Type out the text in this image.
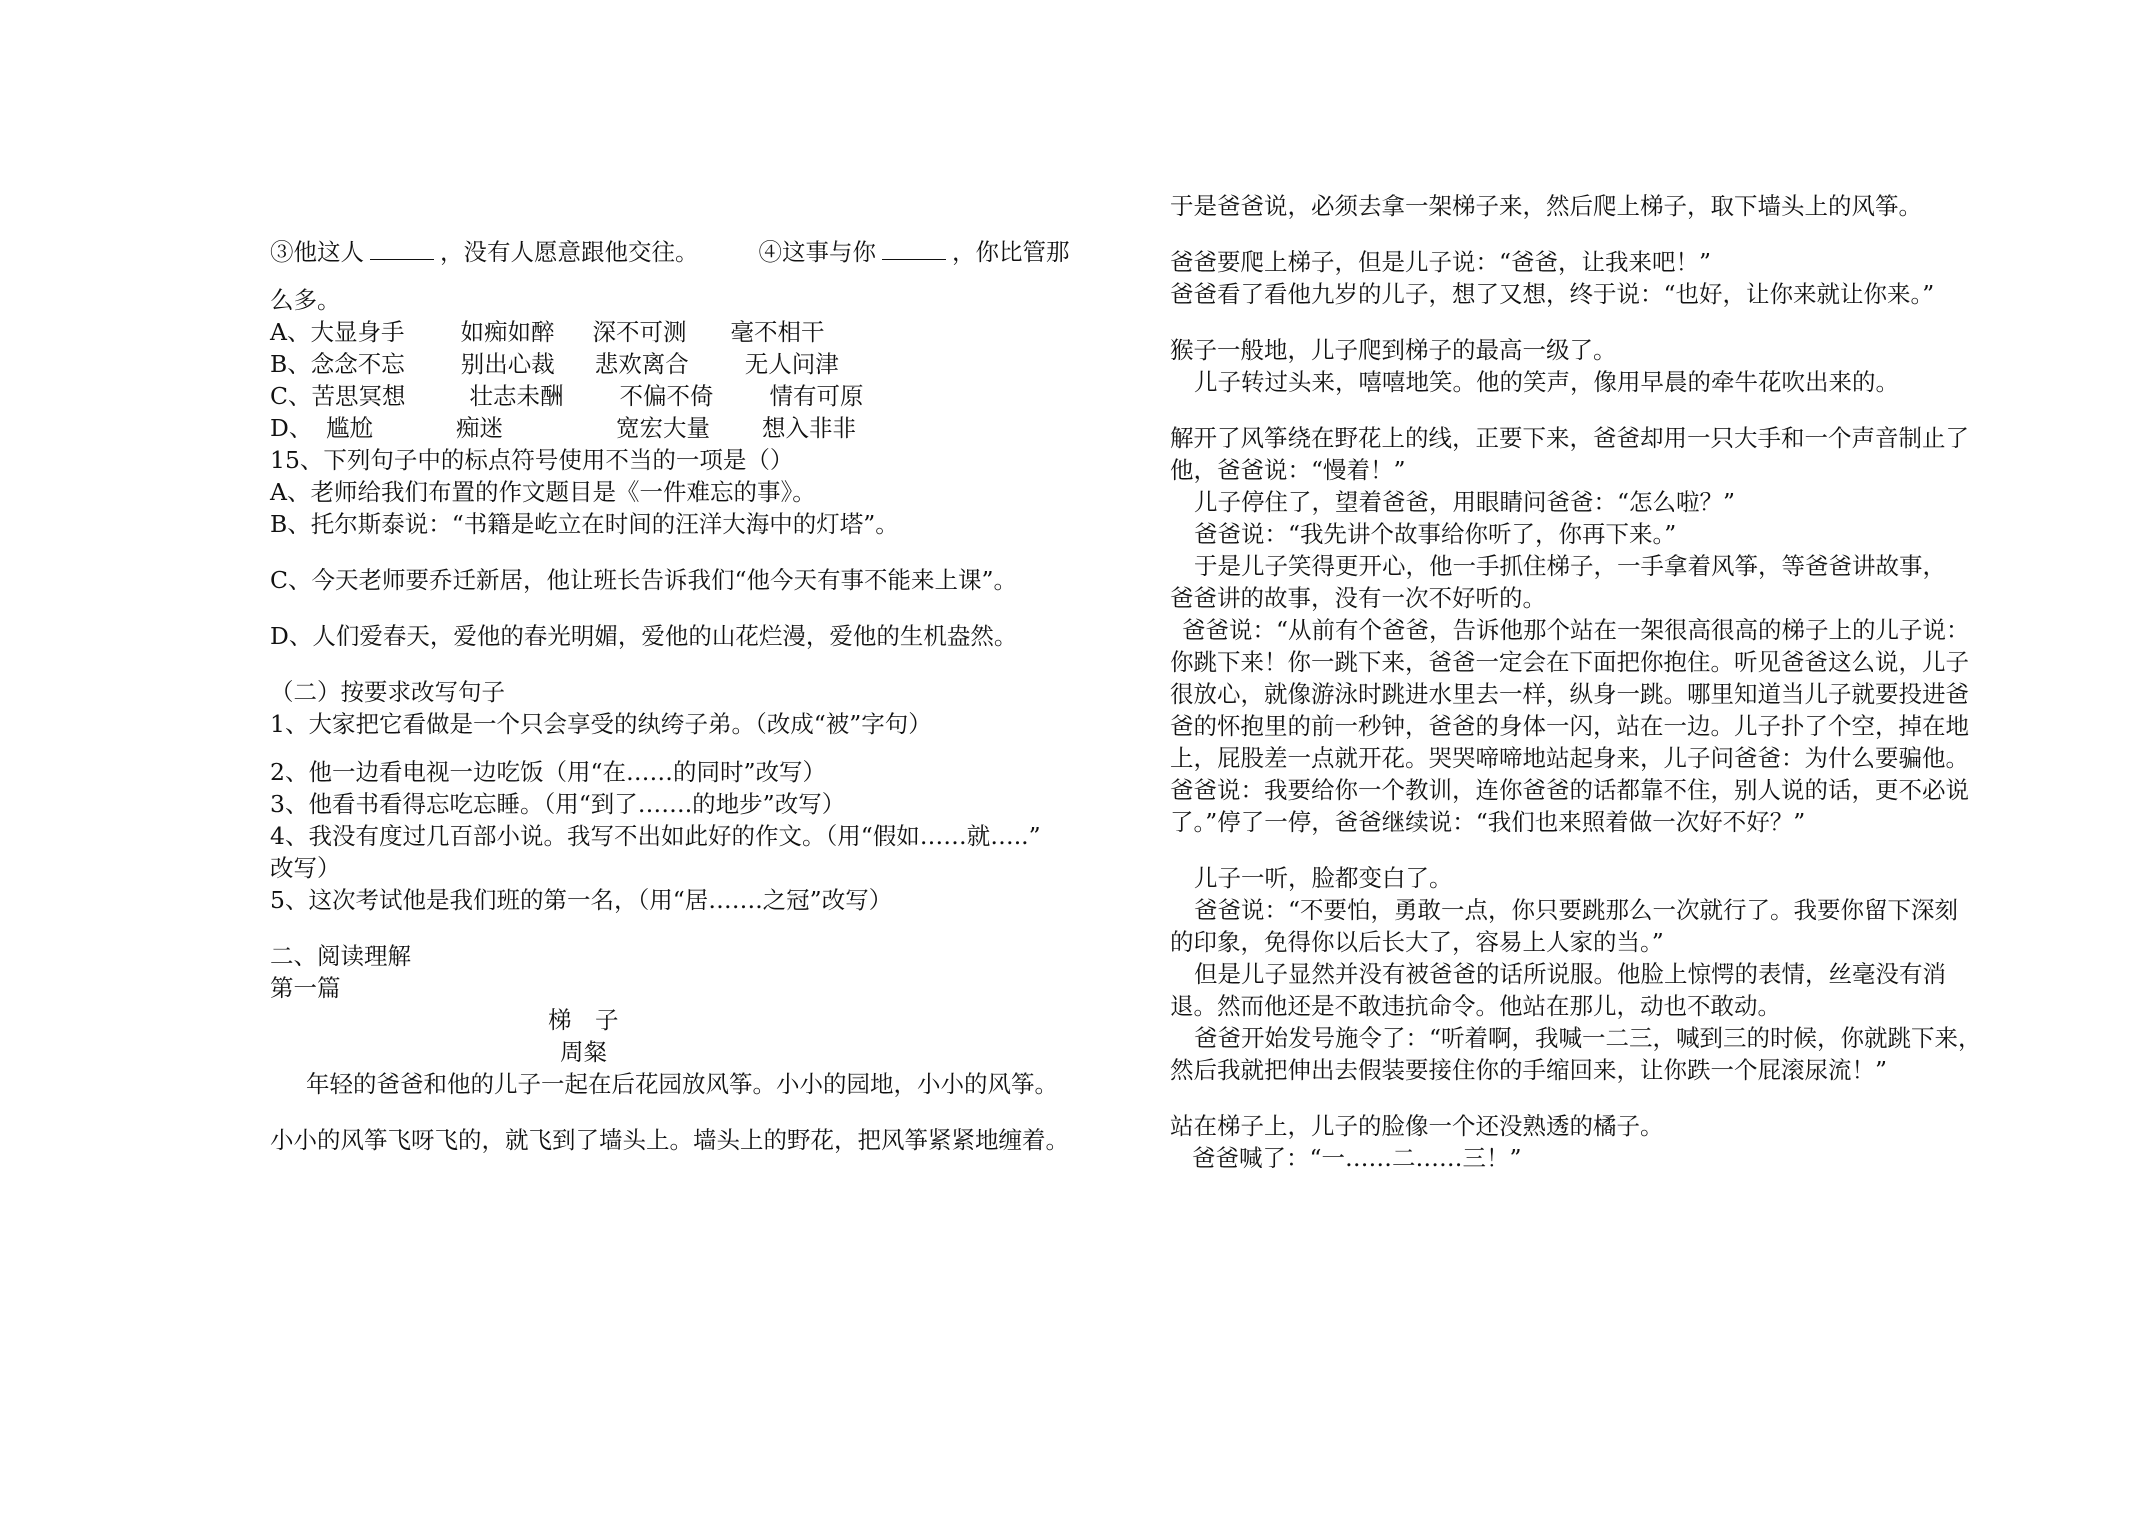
③他这人	，没有人愿意跟他交往。	④这事与你	，你比管那
么多。
A、大显身手 如痴如醉 深不可测 毫不相干
B、念念不忘 别出心裁 悲欢离合 无人问津
C、苦思冥想	壮志未酬 不偏不倚 情有可原
D、 尴尬	痴迷	宽宏大量 想入非非
15、下列句子中的标点符号使用不当的一项是（）
A、老师给我们布置的作文题目是《一件难忘的事》。
B、托尔斯泰说：“书籍是屹立在时间的汪洋大海中的灯塔”。
C、今天老师要乔迁新居，他让班长告诉我们“他今天有事不能来上课”。
D、人们爱春天，爱他的春光明媚，爱他的山花烂漫，爱他的生机盎然。
（二）按要求改写句子
1、大家把它看做是一个只会享受的纨绔子弟。（改成“被”字句）
2、他一边看电视一边吃饭（用“在……的同时”改写）
3、他看书看得忘吃忘睡。（用“到了…….的地步”改写）
4、我没有度过几百部小说。我写不出如此好的作文。（用“假如……就…..”
改写）
5、这次考试他是我们班的第一名，（用“居…….之冠”改写）
二、阅读理解
第一篇
梯　子
周粲
年轻的爸爸和他的儿子一起在后花园放风筝。小小的园地，小小的风筝。
小小的风筝飞呀飞的，就飞到了墙头上。墙头上的野花，把风筝紧紧地缠着。
于是爸爸说，必须去拿一架梯子来，然后爬上梯子，取下墙头上的风筝。
爸爸要爬上梯子，但是儿子说：“爸爸，让我来吧！”
爸爸看了看他九岁的儿子，想了又想，终于说：“也好，让你来就让你来。”
猴子一般地，儿子爬到梯子的最高一级了。
儿子转过头来，嘻嘻地笑。他的笑声，像用早晨的牵牛花吹出来的。
解开了风筝绕在野花上的线，正要下来，爸爸却用一只大手和一个声音制止了
他，爸爸说：“慢着！”
儿子停住了，望着爸爸，用眼睛问爸爸：“怎么啦？”
爸爸说：“我先讲个故事给你听了，你再下来。”
于是儿子笑得更开心，他一手抓住梯子，一手拿着风筝，等爸爸讲故事，
爸爸讲的故事，没有一次不好听的。
爸爸说：“从前有个爸爸，告诉他那个站在一架很高很高的梯子上的儿子说：
你跳下来！你一跳下来，爸爸一定会在下面把你抱住。听见爸爸这么说，儿子
很放心，就像游泳时跳进水里去一样，纵身一跳。哪里知道当儿子就要投进爸
爸的怀抱里的前一秒钟，爸爸的身体一闪，站在一边。儿子扑了个空，掉在地
上，屁股差一点就开花。哭哭啼啼地站起身来，儿子问爸爸：为什么要骗他。
爸爸说：我要给你一个教训，连你爸爸的话都靠不住，别人说的话，更不必说
了。”停了一停，爸爸继续说：“我们也来照着做一次好不好？”
儿子一听，脸都变白了。
爸爸说：“不要怕，勇敢一点，你只要跳那么一次就行了。我要你留下深刻
的印象，免得你以后长大了，容易上人家的当。”
但是儿子显然并没有被爸爸的话所说服。他脸上惊愕的表情，丝毫没有消
退。然而他还是不敢违抗命令。他站在那儿，动也不敢动。
爸爸开始发号施令了：“听着啊，我喊一二三，喊到三的时候，你就跳下来，
然后我就把伸出去假装要接住你的手缩回来，让你跌一个屁滚尿流！”
站在梯子上，儿子的脸像一个还没熟透的橘子。
爸爸喊了：“一……二……三！”
